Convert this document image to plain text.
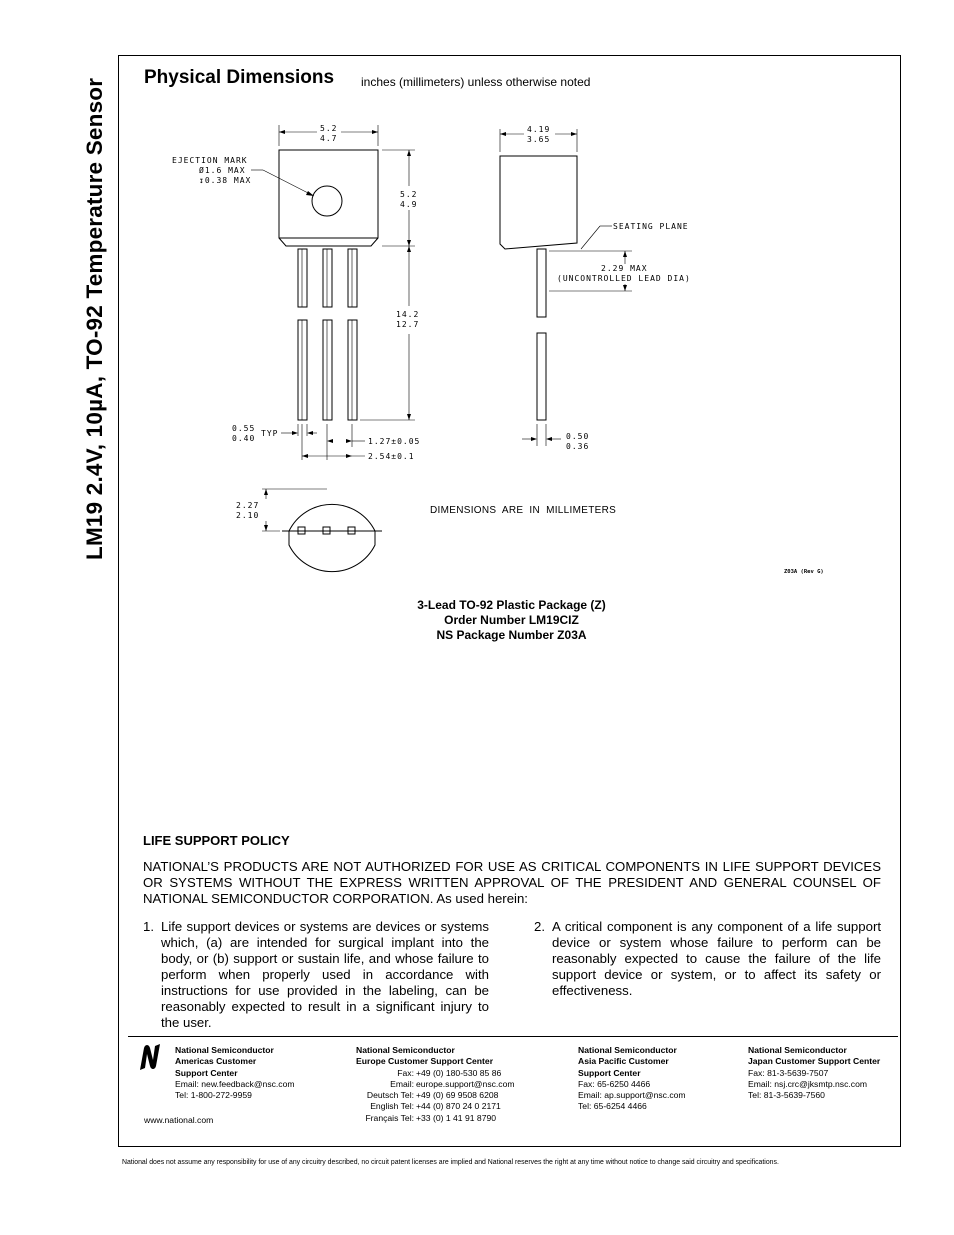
LM19 2.4V, 10µA, TO-92 Temperature Sensor
Physical Dimensions inches (millimeters) unless otherwise noted
5.2
4.7
EJECTION MARK
Ø1.6 MAX
↧0.38 MAX
5.2
4.9
14.2
12.7
0.55
0.40
TYP
1.27±0.05
2.54±0.1
4.19
3.65
SEATING PLANE
2.29 MAX
(UNCONTROLLED LEAD DIA)
0.50
0.36
2.27
2.10
Z03A (Rev G)
DIMENSIONS ARE IN MILLIMETERS
3-Lead TO-92 Plastic Package (Z)
Order Number LM19CIZ
NS Package Number Z03A
LIFE SUPPORT POLICY
NATIONAL’S PRODUCTS ARE NOT AUTHORIZED FOR USE AS CRITICAL COMPONENTS IN LIFE SUPPORT DEVICES OR SYSTEMS WITHOUT THE EXPRESS WRITTEN APPROVAL OF THE PRESIDENT AND GENERAL COUNSEL OF NATIONAL SEMICONDUCTOR CORPORATION. As used herein:
1. Life support devices or systems are devices or systems which, (a) are intended for surgical implant into the body, or (b) support or sustain life, and whose failure to perform when properly used in accordance with instructions for use provided in the labeling, can be reasonably expected to result in a significant injury to the user.
2. A critical component is any component of a life support device or system whose failure to perform can be reasonably expected to cause the failure of the life support device or system, or to affect its safety or effectiveness.
National Semiconductor
Americas Customer
Support Center
Email: new.feedback@nsc.com
Tel: 1-800-272-9959
National Semiconductor
Europe Customer Support Center
Fax: +49 (0) 180-530 85 86
Email: europe.support@nsc.com
Deutsch Tel: +49 (0) 69 9508 6208
English Tel: +44 (0) 870 24 0 2171
Français Tel: +33 (0) 1 41 91 8790
National Semiconductor
Asia Pacific Customer
Support Center
Fax: 65-6250 4466
Email: ap.support@nsc.com
Tel: 65-6254 4466
National Semiconductor
Japan Customer Support Center
Fax: 81-3-5639-7507
Email: nsj.crc@jksmtp.nsc.com
Tel: 81-3-5639-7560
www.national.com
National does not assume any responsibility for use of any circuitry described, no circuit patent licenses are implied and National reserves the right at any time without notice to change said circuitry and specifications.
